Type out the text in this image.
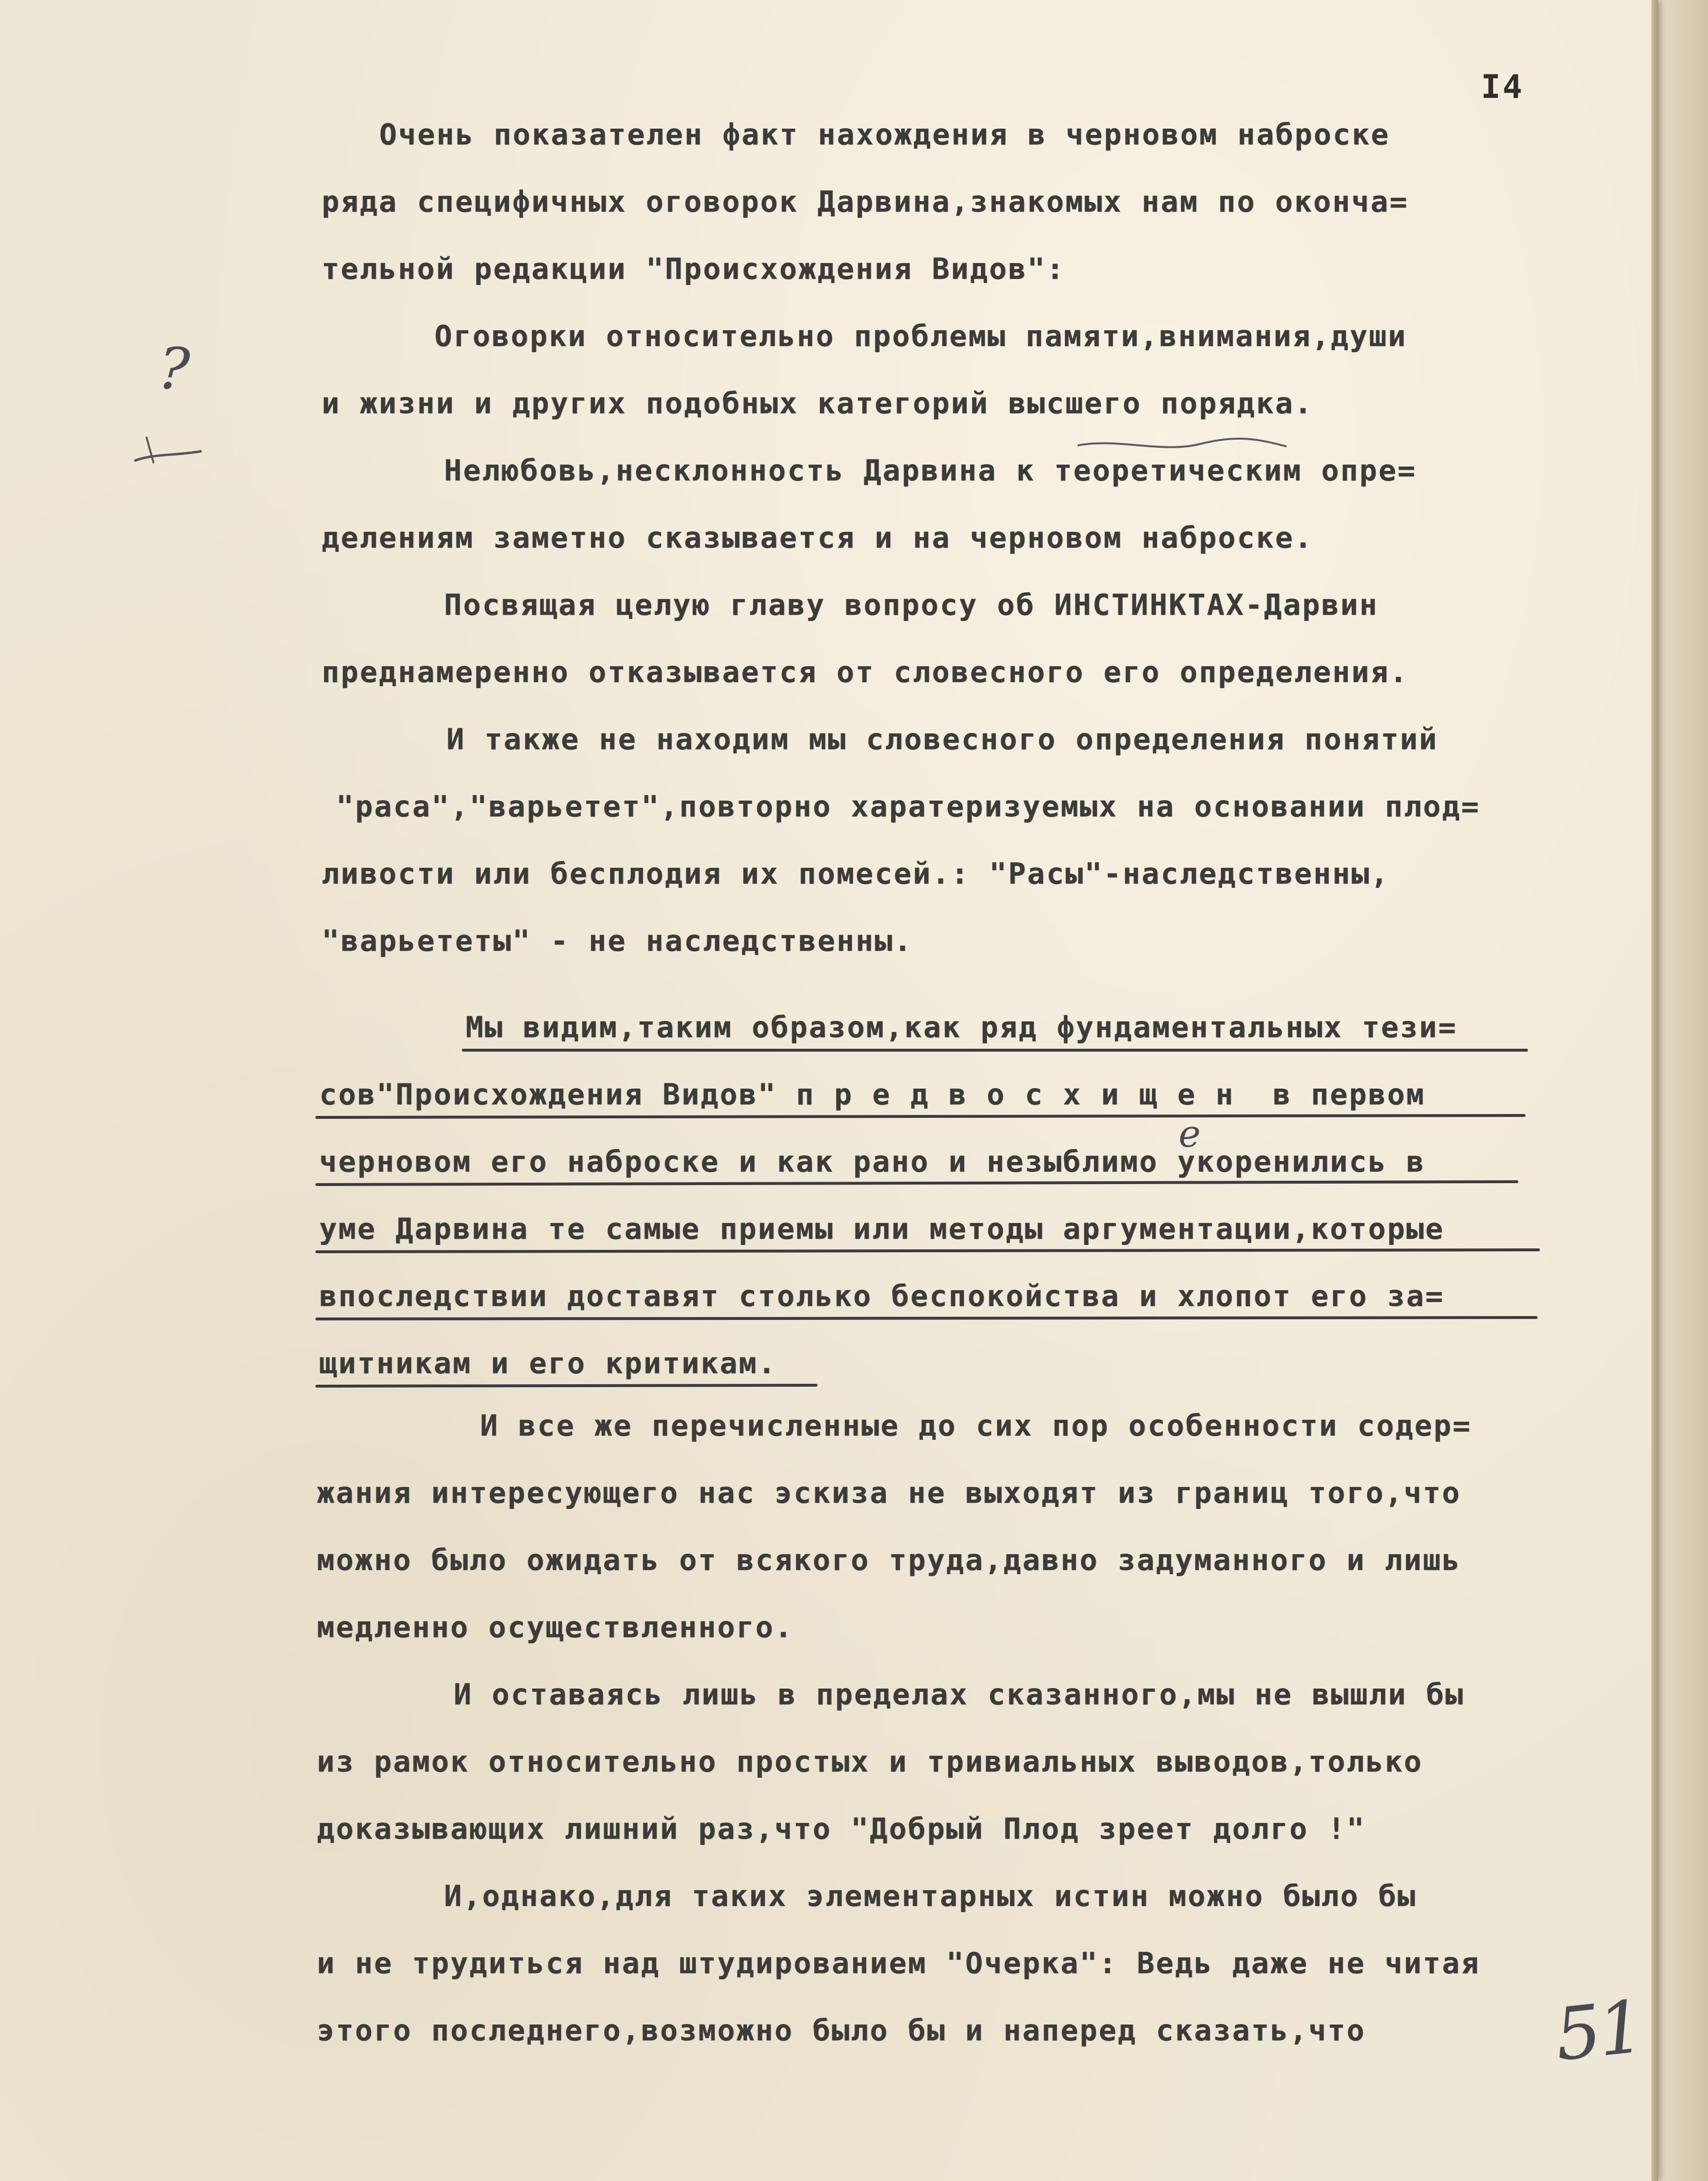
I4
Очень показателен факт нахождения в черновом наброске
ряда специфичных оговорок Дарвина,знакомых нам по оконча=
тельной редакции "Происхождения Видов":
Оговорки относительно проблемы памяти,внимания,души
и жизни и других подобных категорий высшего порядка.
Нелюбовь,несклонность Дарвина к теоретическим опре=
делениям заметно сказывается и на черновом наброске.
Посвящая целую главу вопросу об ИНСТИНКТАХ-Дарвин
преднамеренно отказывается от словесного его определения.
И также не находим мы словесного определения понятий
"раса","варьетет",повторно харатеризуемых на основании плод=
ливости или бесплодия их помесей.: "Расы"-наследственны,
"варьететы" - не наследственны.
Мы видим,таким образом,как ряд фундаментальных тези=
сов"Происхождения Видов" п р е д в о с х и щ е н  в первом
черновом его наброске и как рано и незыблимо укоренились в
уме Дарвина те самые приемы или методы аргументации,которые
впоследствии доставят столько беспокойства и хлопот его за=
щитникам и его критикам.
И все же перечисленные до сих пор особенности содер=
жания интересующего нас эскиза не выходят из границ того,что
можно было ожидать от всякого труда,давно задуманного и лишь
медленно осуществленного.
И оставаясь лишь в пределах сказанного,мы не вышли бы
из рамок относительно простых и тривиальных выводов,только
доказывающих лишний раз,что "Добрый Плод зреет долго !"
И,однако,для таких элементарных истин можно было бы
и не трудиться над штудированием "Очерка": Ведь даже не читая
этого последнего,возможно было бы и наперед сказать,что
?
е
51
